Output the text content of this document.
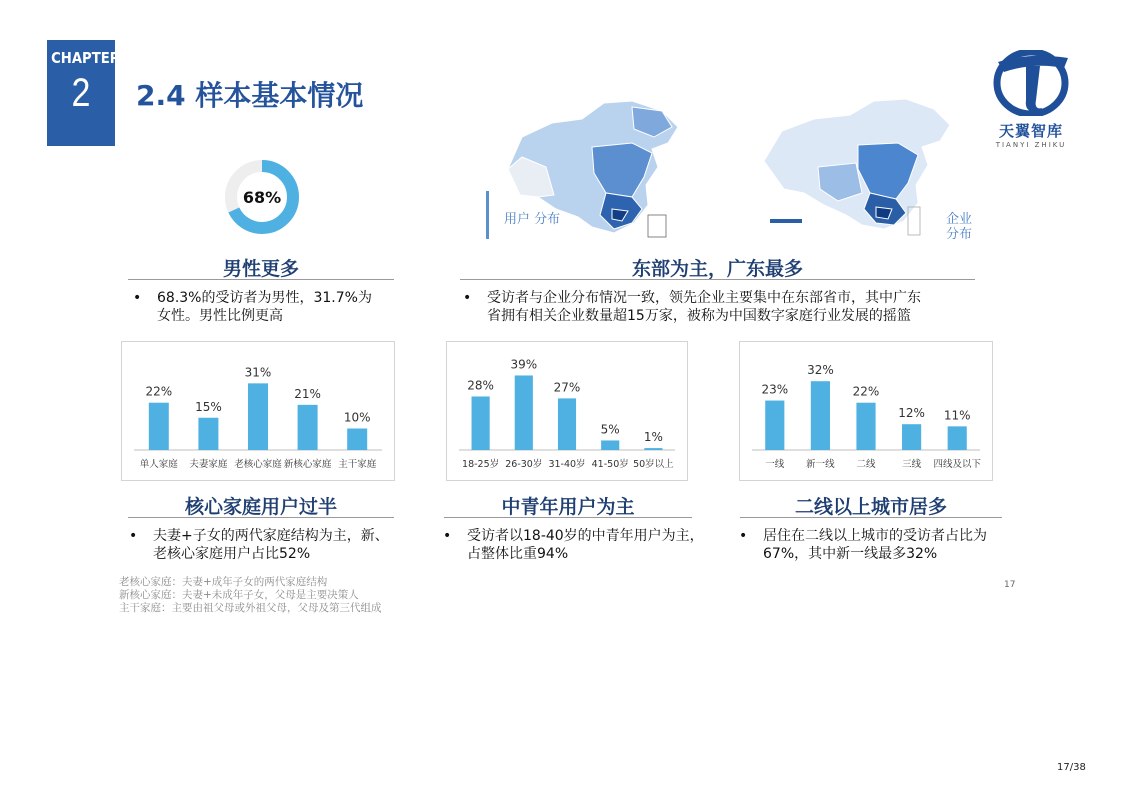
CHAPTER
2	2.4 样本基本情况
天翼智库
TIANYI ZHIKU
68%
用户 分布	企业 分布
男性更多
• 68.3%的受访者为男性，31.7%为
女性。男性比例更高
东部为主，广东最多
• 受访者与企业分布情况一致，领先企业主要集中在东部省市，其中广东
省拥有相关企业数量超15万家，被称为中国数字家庭行业发展的摇篮
22%
单人家庭
15%
夫妻家庭
31%
老核心家庭
21%
新核心家庭
10%
主干家庭
28%
18-25岁
39%
26-30岁
27%
31-40岁
5%
41-50岁
1%
50岁以上
23%
一线
32%
新一线
22%
二线
12%
三线
11%
四线及以下
核心家庭用户过半
• 夫妻+子女的两代家庭结构为主，新、
老核心家庭用户占比52%
中青年用户为主
• 受访者以18-40岁的中青年用户为主，
占整体比重94%
二线以上城市居多
• 居住在二线以上城市的受访者占比为
67%，其中新一线最多32%
老核心家庭：夫妻+成年子女的两代家庭结构
新核心家庭：夫妻+未成年子女，父母是主要决策人
主干家庭：主要由祖父母或外祖父母，父母及第三代组成
17
17/38
